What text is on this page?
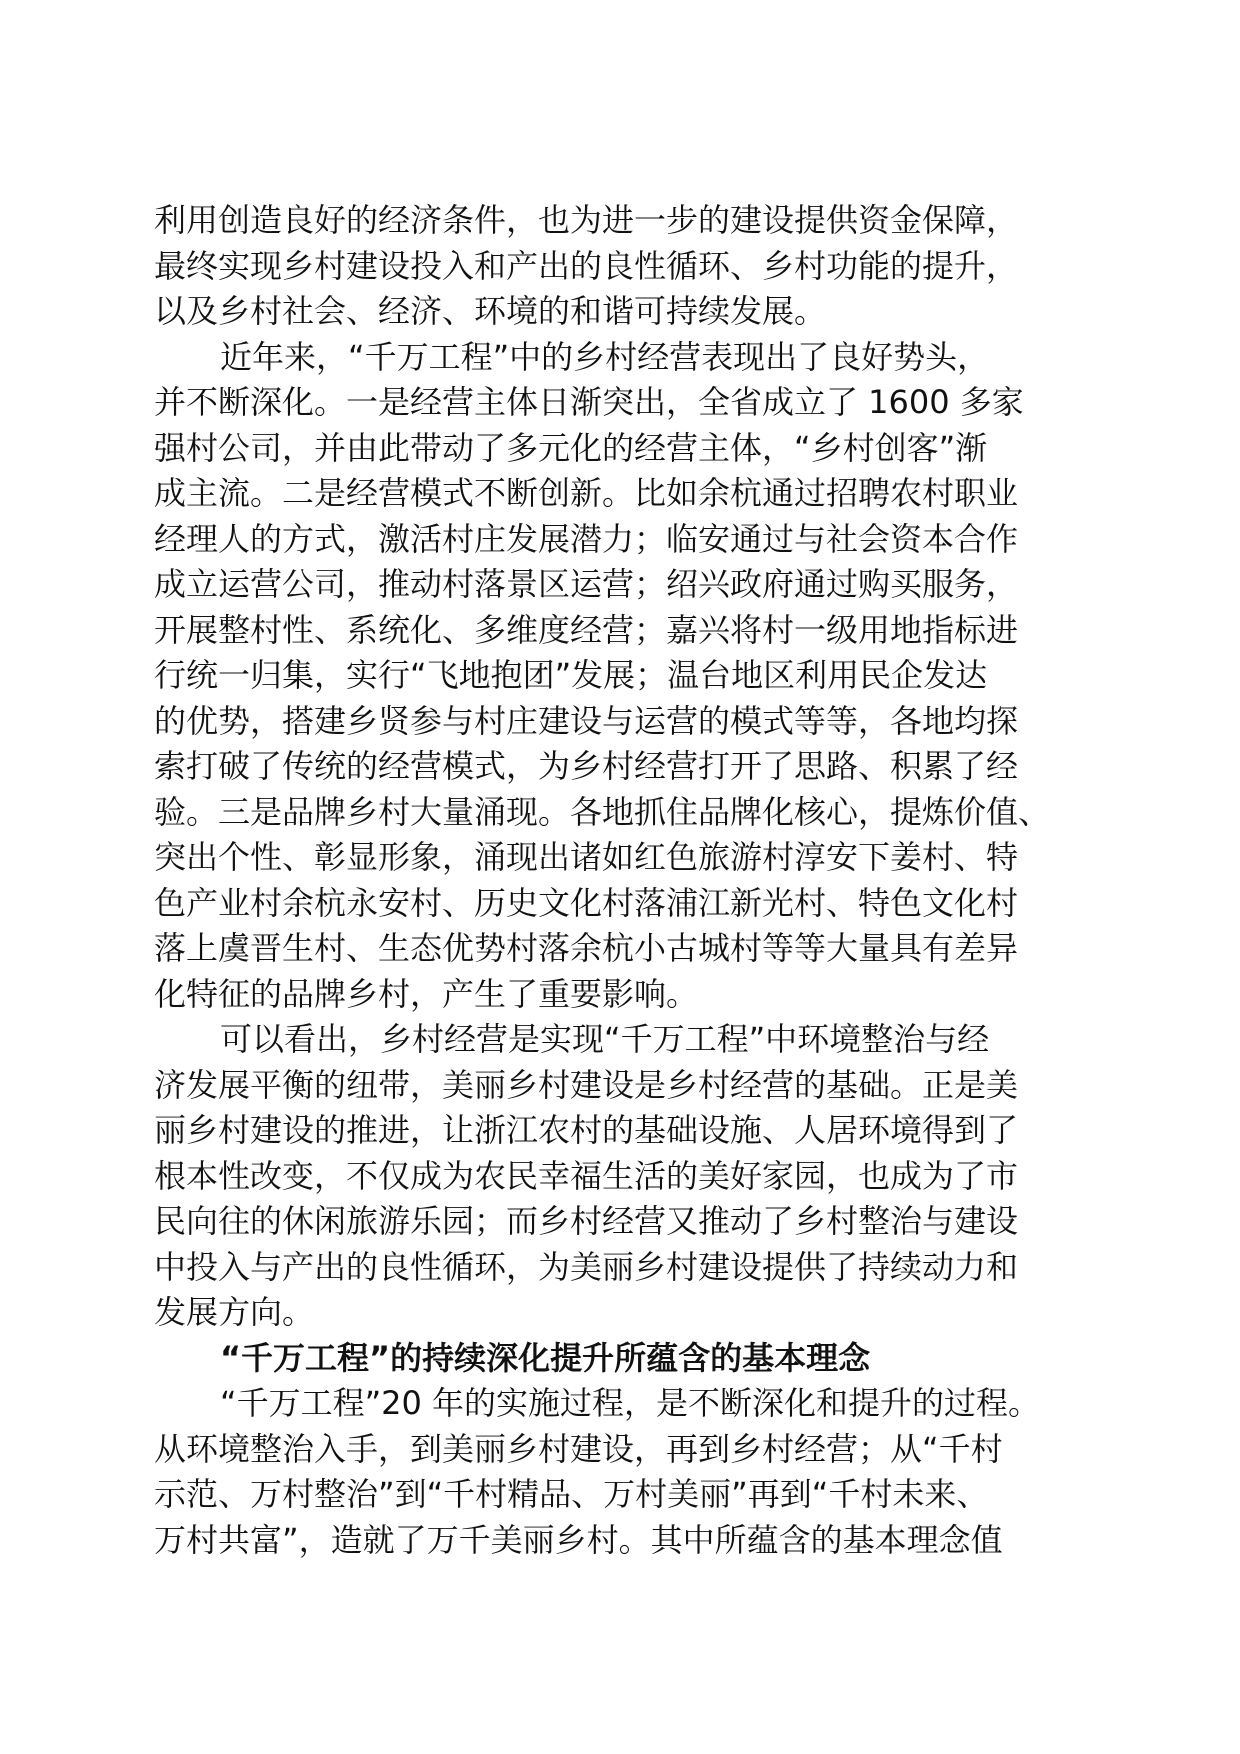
利用创造良好的经济条件，也为进一步的建设提供资金保障，
最终实现乡村建设投入和产出的良性循环、乡村功能的提升，
以及乡村社会、经济、环境的和谐可持续发展。
近年来，“千万工程”中的乡村经营表现出了良好势头，
并不断深化。一是经营主体日渐突出，全省成立了 1600 多家
强村公司，并由此带动了多元化的经营主体，“乡村创客”渐
成主流。二是经营模式不断创新。比如余杭通过招聘农村职业
经理人的方式，激活村庄发展潜力；临安通过与社会资本合作
成立运营公司，推动村落景区运营；绍兴政府通过购买服务，
开展整村性、系统化、多维度经营；嘉兴将村一级用地指标进
行统一归集，实行“飞地抱团”发展；温台地区利用民企发达
的优势，搭建乡贤参与村庄建设与运营的模式等等，各地均探
索打破了传统的经营模式，为乡村经营打开了思路、积累了经
验。三是品牌乡村大量涌现。各地抓住品牌化核心，提炼价值、
突出个性、彰显形象，涌现出诸如红色旅游村淳安下姜村、特
色产业村余杭永安村、历史文化村落浦江新光村、特色文化村
落上虞晋生村、生态优势村落余杭小古城村等等大量具有差异
化特征的品牌乡村，产生了重要影响。
可以看出，乡村经营是实现“千万工程”中环境整治与经
济发展平衡的纽带，美丽乡村建设是乡村经营的基础。正是美
丽乡村建设的推进，让浙江农村的基础设施、人居环境得到了
根本性改变，不仅成为农民幸福生活的美好家园，也成为了市
民向往的休闲旅游乐园；而乡村经营又推动了乡村整治与建设
中投入与产出的良性循环，为美丽乡村建设提供了持续动力和
发展方向。
“千万工程”的持续深化提升所蕴含的基本理念
“千万工程”20 年的实施过程，是不断深化和提升的过程。
从环境整治入手，到美丽乡村建设，再到乡村经营；从“千村
示范、万村整治”到“千村精品、万村美丽”再到“千村未来、
万村共富”，造就了万千美丽乡村。其中所蕴含的基本理念值
